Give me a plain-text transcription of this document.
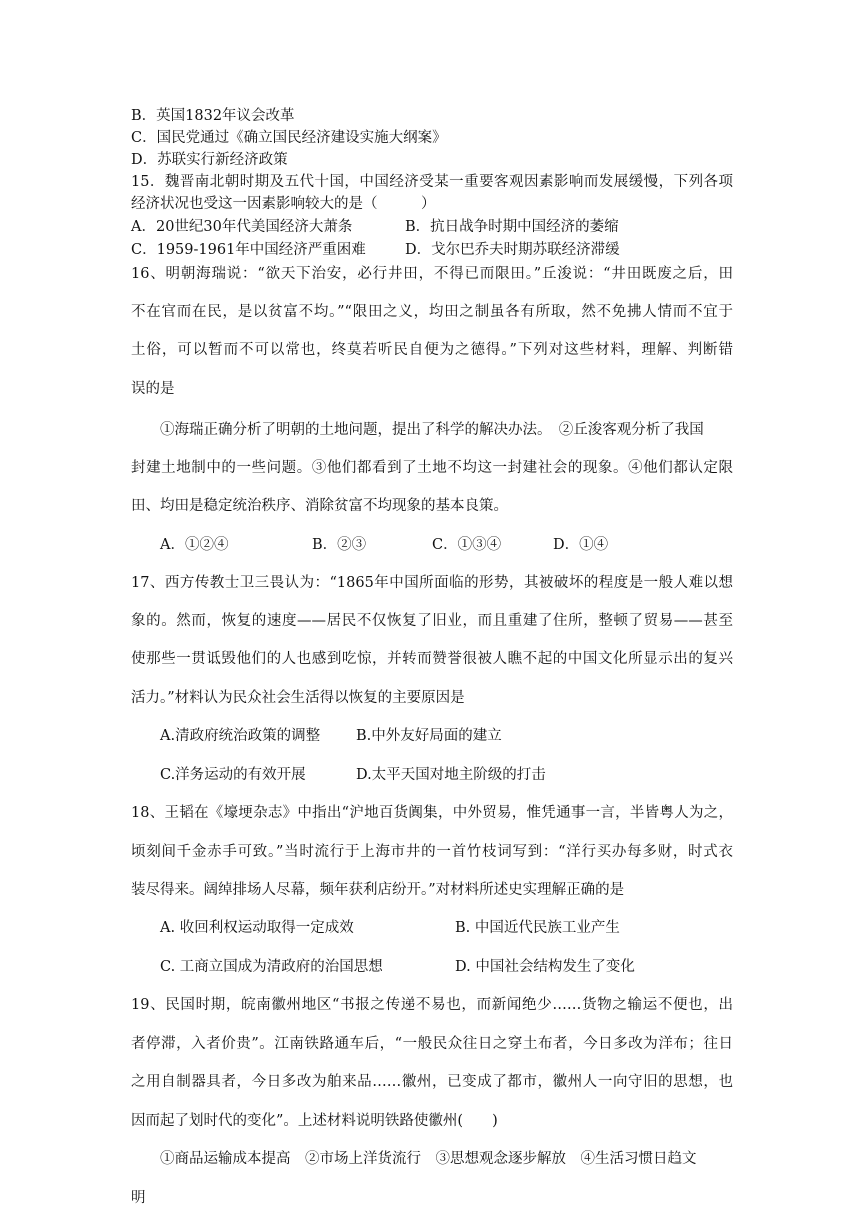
B．英国1832年议会改革
C．国民党通过《确立国民经济建设实施大纲案》
D．苏联实行新经济政策
15．魏晋南北朝时期及五代十国，中国经济受某一重要客观因素影响而发展缓慢，下列各项
经济状况也受这一因素影响较大的是（　　　）
A．20世纪30年代美国经济大萧条	B．抗日战争时期中国经济的萎缩
C．1959-1961年中国经济严重困难	D．戈尔巴乔夫时期苏联经济滞缓
16、明朝海瑞说：“欲天下治安，必行井田，不得已而限田。”丘浚说：“井田既废之后，田
不在官而在民，是以贫富不均。”“限田之义，均田之制虽各有所取，然不免拂人情而不宜于
土俗，可以暂而不可以常也，终莫若听民自便为之德得。”下列对这些材料，理解、判断错
误的是
①海瑞正确分析了明朝的土地问题，提出了科学的解决办法。　②丘浚客观分析了我国
封建土地制中的一些问题。③他们都看到了土地不均这一封建社会的现象。④他们都认定限
田、均田是稳定统治秩序、消除贫富不均现象的基本良策。
A．①②④	B．②③	C．①③④	D．①④
17、西方传教士卫三畏认为：“1865年中国所面临的形势，其被破坏的程度是一般人难以想
象的。然而，恢复的速度——居民不仅恢复了旧业，而且重建了住所，整顿了贸易——甚至
使那些一贯诋毁他们的人也感到吃惊，并转而赞誉很被人瞧不起的中国文化所显示出的复兴
活力。”材料认为民众社会生活得以恢复的主要原因是
A.清政府统治政策的调整 B.中外友好局面的建立
C.洋务运动的有效开展	D.太平天国对地主阶级的打击
18、王韬在《壕埂杂志》中指出“沪地百货阗集，中外贸易，惟凭通事一言，半皆粤人为之，
顷刻间千金赤手可致。”当时流行于上海市井的一首竹枝词写到：“洋行买办每多财，时式衣
装尽得来。阔绰排场人尽幕，频年获利店纷开。”对材料所述史实理解正确的是
A. 收回利权运动取得一定成效	B. 中国近代民族工业产生
C. 工商立国成为清政府的治国思想	D. 中国社会结构发生了变化
19、民国时期，皖南徽州地区“书报之传递不易也，而新闻绝少……货物之输运不便也，出
者停滞，入者价贵”。江南铁路通车后，“一般民众往日之穿土布者，今日多改为洋布；往日
之用自制器具者，今日多改为舶来品……徽州，已变成了都市，徽州人一向守旧的思想，也
因而起了划时代的变化”。上述材料说明铁路使徽州(　　)
①商品运输成本提高　②市场上洋货流行　③思想观念逐步解放　④生活习惯日趋文
明
